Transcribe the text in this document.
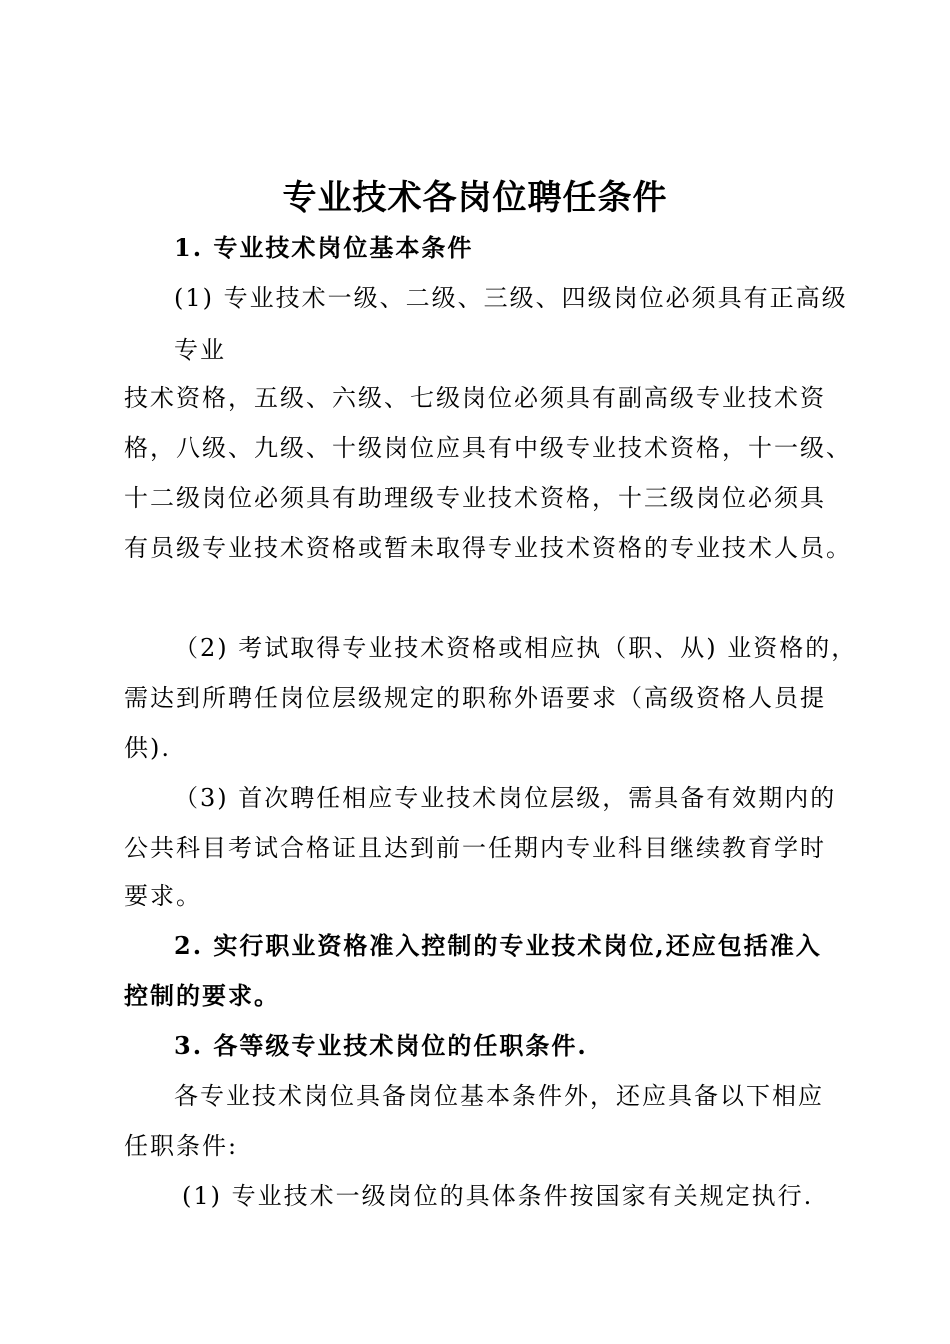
专业技术各岗位聘任条件
1. 专业技术岗位基本条件
(1) 专业技术一级、二级、三级、四级岗位必须具有正高级
专业
技术资格，五级、六级、七级岗位必须具有副高级专业技术资
格，八级、九级、十级岗位应具有中级专业技术资格，十一级、
十二级岗位必须具有助理级专业技术资格，十三级岗位必须具
有员级专业技术资格或暂未取得专业技术资格的专业技术人员。
（2) 考试取得专业技术资格或相应执（职、从) 业资格的，
需达到所聘任岗位层级规定的职称外语要求（高级资格人员提
供).
（3) 首次聘任相应专业技术岗位层级，需具备有效期内的
公共科目考试合格证且达到前一任期内专业科目继续教育学时
要求。
2. 实行职业资格准入控制的专业技术岗位,还应包括准入
控制的要求。
3. 各等级专业技术岗位的任职条件.
各专业技术岗位具备岗位基本条件外，还应具备以下相应
任职条件:
(1) 专业技术一级岗位的具体条件按国家有关规定执行.
